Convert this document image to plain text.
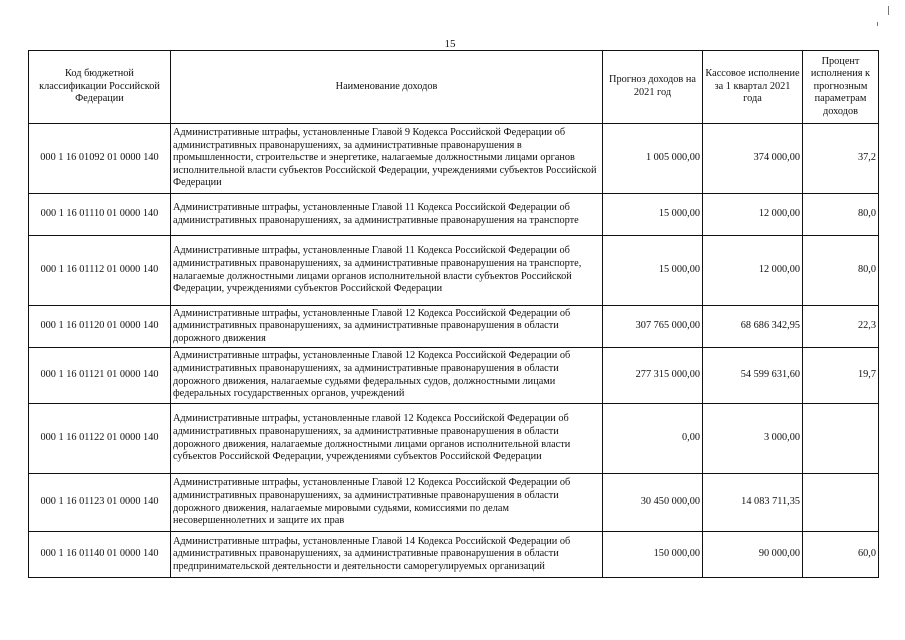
15
Код бюджетной классификации Российской Федерации	Наименование доходов	Прогноз доходов на 2021 год	Кассовое исполнение за 1 квартал 2021 года	Процент исполнения к прогнозным параметрам доходов
000 1 16 01092 01 0000 140	Административные штрафы, установленные Главой 9 Кодекса Российской Федерации об административных правонарушениях, за административные правонарушения в промышленности, строительстве и энергетике, налагаемые должностными лицами органов исполнительной власти субъектов Российской Федерации, учреждениями субъектов Российской Федерации	1 005 000,00	374 000,00	37,2
000 1 16 01110 01 0000 140	Административные штрафы, установленные Главой 11 Кодекса Российской Федерации об административных правонарушениях, за административные правонарушения на транспорте	15 000,00	12 000,00	80,0
000 1 16 01112 01 0000 140	Административные штрафы, установленные Главой 11 Кодекса Российской Федерации об административных правонарушениях, за административные правонарушения на транспорте, налагаемые должностными лицами органов исполнительной власти субъектов Российской Федерации, учреждениями субъектов Российской Федерации	15 000,00	12 000,00	80,0
000 1 16 01120 01 0000 140	Административные штрафы, установленные Главой 12 Кодекса Российской Федерации об административных правонарушениях, за административные правонарушения в области дорожного движения	307 765 000,00	68 686 342,95	22,3
000 1 16 01121 01 0000 140	Административные штрафы, установленные Главой 12 Кодекса Российской Федерации об административных правонарушениях, за административные правонарушения в области дорожного движения, налагаемые судьями федеральных судов, должностными лицами федеральных государственных органов, учреждений	277 315 000,00	54 599 631,60	19,7
000 1 16 01122 01 0000 140	Административные штрафы, установленные главой 12 Кодекса Российской Федерации об административных правонарушениях, за административные правонарушения в области дорожного движения, налагаемые должностными лицами органов исполнительной власти субъектов Российской Федерации, учреждениями субъектов Российской Федерации	0,00	3 000,00	
000 1 16 01123 01 0000 140	Административные штрафы, установленные Главой 12 Кодекса Российской Федерации об административных правонарушениях, за административные правонарушения в области дорожного движения, налагаемые мировыми судьями, комиссиями по делам несовершеннолетних и защите их прав	30 450 000,00	14 083 711,35	
000 1 16 01140 01 0000 140	Административные штрафы, установленные Главой 14 Кодекса Российской Федерации об административных правонарушениях, за административные правонарушения в области предпринимательской деятельности и деятельности саморегулируемых организаций	150 000,00	90 000,00	60,0
